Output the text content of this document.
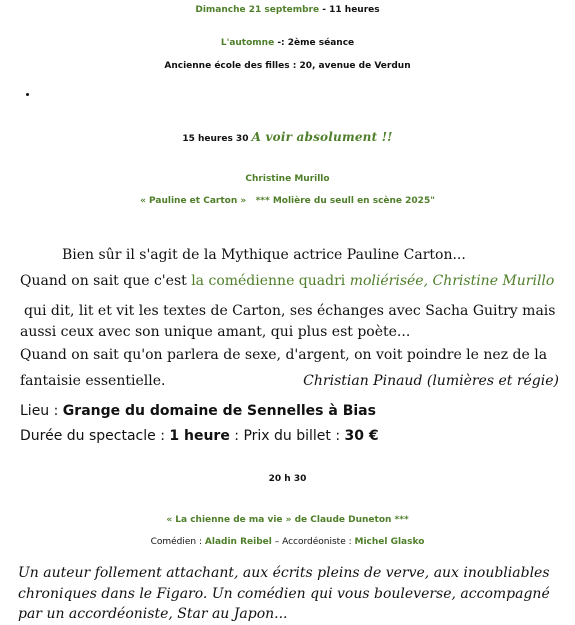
Dimanche 21 septembre - 11 heures
L'automne -: 2ème séance
Ancienne école des filles : 20, avenue de Verdun
15 heures 30 A voir absolument !!
Christine Murillo
« Pauline et Carton » *** Molière du seull en scène 2025"
Bien sûr il s'agit de la Mythique actrice Pauline Carton...
Quand on sait que c'est la comédienne quadri moliérisée, Christine Murillo
qui dit, lit et vit les textes de Carton, ses échanges avec Sacha Guitry mais
aussi ceux avec son unique amant, qui plus est poète...
Quand on sait qu'on parlera de sexe, d'argent, on voit poindre le nez de la
fantaisie essentielle.	Christian Pinaud (lumières et régie)
Lieu : Grange du domaine de Sennelles à Bias
Durée du spectacle : 1 heure : Prix du billet : 30 €
20 h 30
« La chienne de ma vie » de Claude Duneton ***
Comédien : Aladin Reibel – Accordéoniste : Michel Glasko
Un auteur follement attachant, aux écrits pleins de verve, aux inoubliables
chroniques dans le Figaro. Un comédien qui vous bouleverse, accompagné
par un accordéoniste, Star au Japon...
